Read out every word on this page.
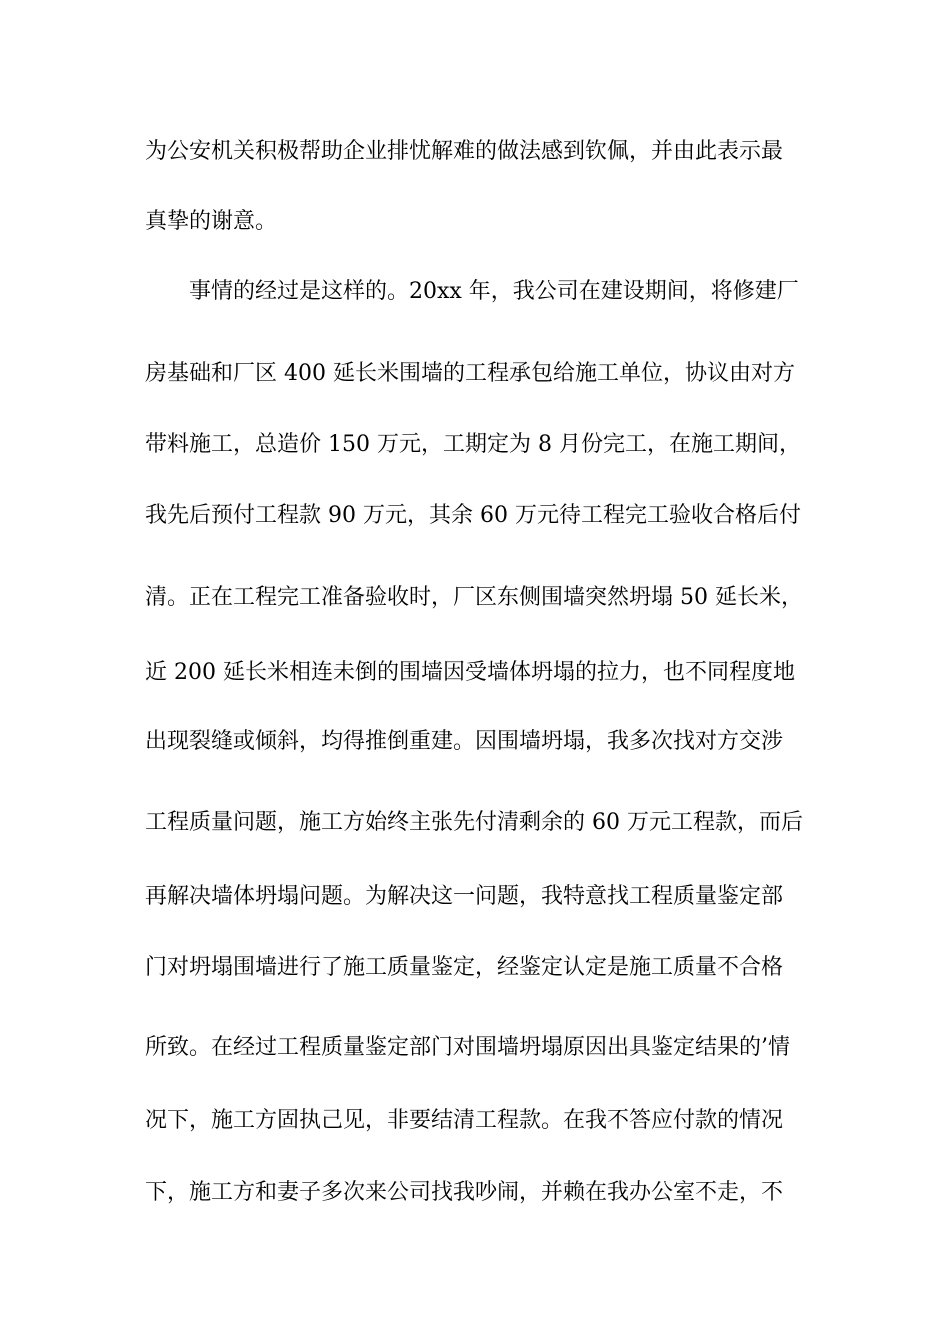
为公安机关积极帮助企业排忧解难的做法感到钦佩，并由此表示最
真挚的谢意。
事情的经过是这样的。20xx 年，我公司在建设期间，将修建厂
房基础和厂区 400 延长米围墙的工程承包给施工单位，协议由对方
带料施工，总造价 150 万元，工期定为 8 月份完工，在施工期间，
我先后预付工程款 90 万元，其余 60 万元待工程完工验收合格后付
清。正在工程完工准备验收时，厂区东侧围墙突然坍塌 50 延长米，
近 200 延长米相连未倒的围墙因受墙体坍塌的拉力，也不同程度地
出现裂缝或倾斜，均得推倒重建。因围墙坍塌，我多次找对方交涉
工程质量问题，施工方始终主张先付清剩余的 60 万元工程款，而后
再解决墙体坍塌问题。为解决这一问题，我特意找工程质量鉴定部
门对坍塌围墙进行了施工质量鉴定，经鉴定认定是施工质量不合格
所致。在经过工程质量鉴定部门对围墙坍塌原因出具鉴定结果的’情
况下，施工方固执己见，非要结清工程款。在我不答应付款的情况
下，施工方和妻子多次来公司找我吵闹，并赖在我办公室不走，不
